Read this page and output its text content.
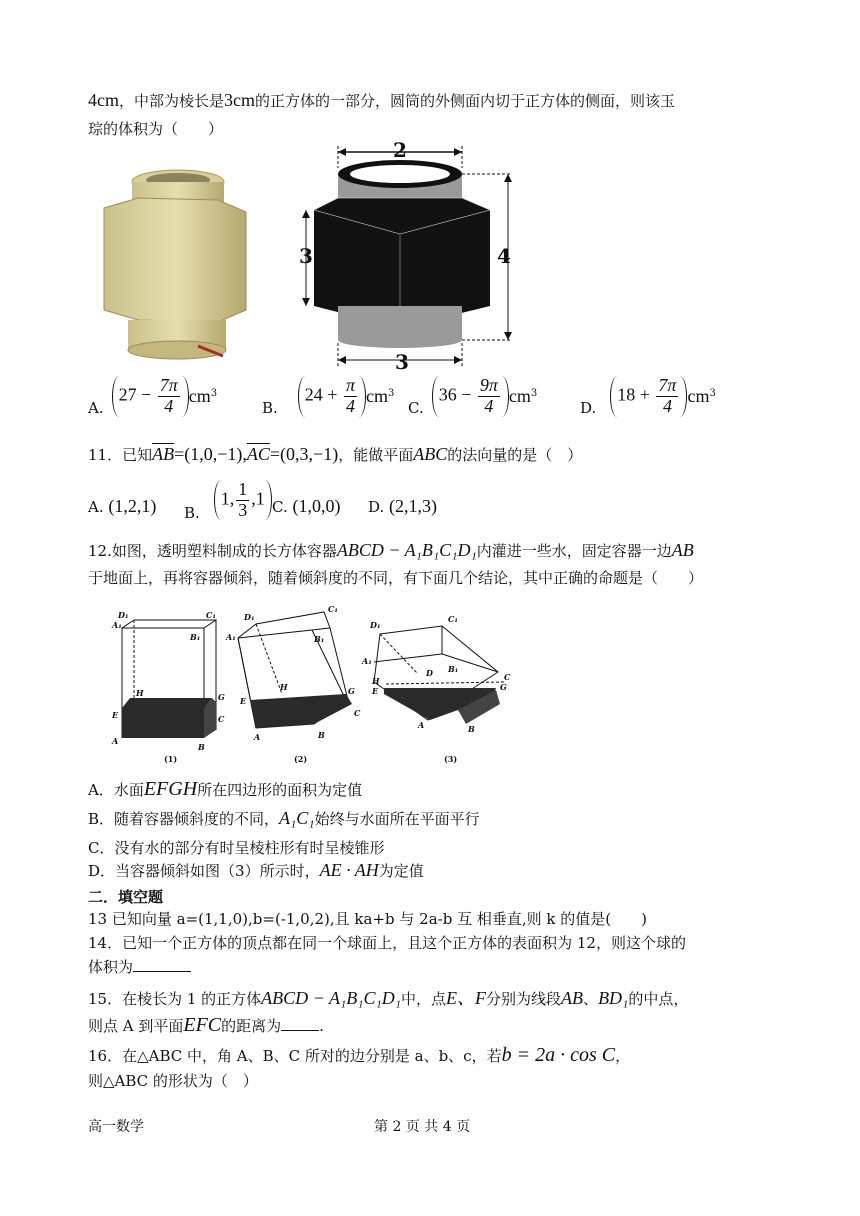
4cm，中部为棱长是3cm的正方体的一部分，圆筒的外侧面内切于正方体的侧面，则该玉
琮的体积为（　　）
2
3	4
3
A.
$27 - \frac{7\pi}{4}$ cm 3
B.
$24 + \frac{\pi}{4}$ cm 3
C.
$36 - \frac{9\pi}{4}$ cm 3
D.
$18 + \frac{7\pi}{4}$ cm 3
11．已知$\overline{AB}=(1,0,-1),\overline{AC}=(0,3,-1)$，能做平面ABC的法向量的是（　）
A. (1,2,1) B.
1, $\frac{1}{3} ,1$ C. (1,0,0) D. (2,1,3)
12.如图，透明塑料制成的长方体容器ABCD − A₁B₁C₁D₁内灌进一些水，固定容器一边AB
于地面上，再将容器倾斜，随着倾斜度的不同，有下面几个结论，其中正确的命题是（　　）
D₁
A₁
C₁
B₁
H
E
G
C
A
B
(1)
D₁
A₁
C₁
B₁
H
E
G
C
A	B
(2)
D₁
A₁
C₁
B₁
D
H
E
C
G
A	B
(3)
A．水面EFGH所在四边形的面积为定值
B．随着容器倾斜度的不同，A₁C₁始终与水面所在平面平行
C．没有水的部分有时呈棱柱形有时呈棱锥形
D．当容器倾斜如图（3）所示时，AE · AH为定值
二．填空题
13 已知向量 a=(1,1,0),b=(-1,0,2),且 ka+b 与 2a-b 互 相垂直,则 k 的值是(　　)
14．已知一个正方体的顶点都在同一个球面上，且这个正方体的表面积为 12，则这个球的
体积为
15．在棱长为 1 的正方体ABCD − A₁B₁C₁D₁中，点E、F分别为线段AB、BD₁的中点，
则点 A 到平面EFC的距离为	.
16．在△ABC 中，角 A、B、C 所对的边分别是 a、b、c，若b = 2a · cos C，
则△ABC 的形状为（　）
高一数学	第 2 页 共 4 页
